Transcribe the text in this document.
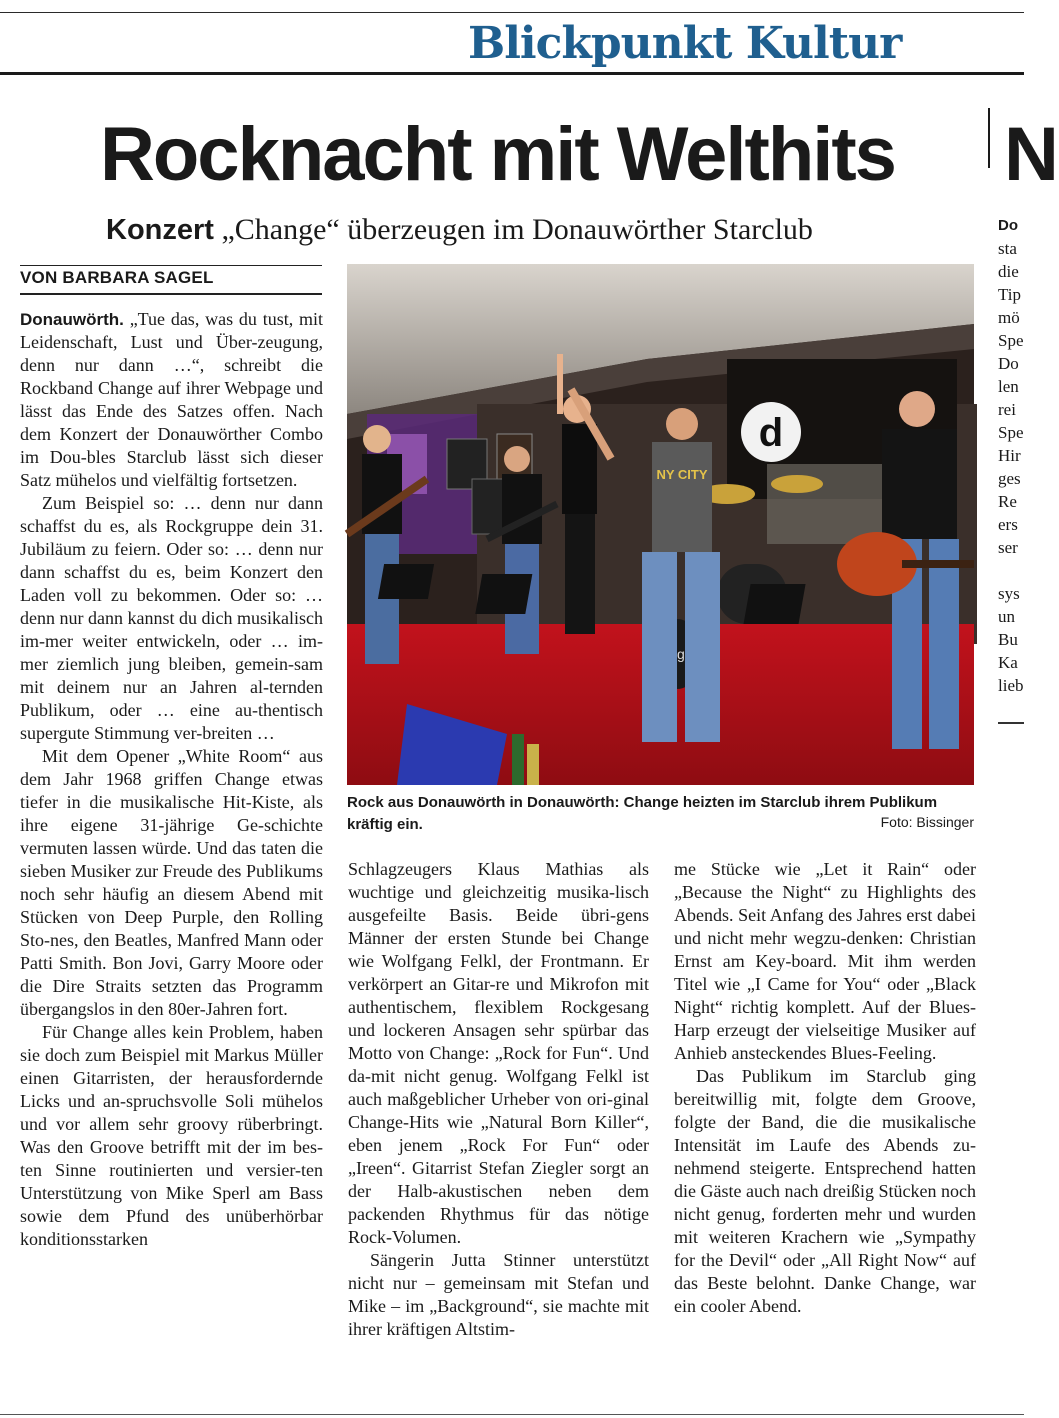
Blickpunkt Kultur
Rocknacht mit Welthits
Konzert „Change“ überzeugen im Donauwörther Starclub
VON BARBARA SAGEL

Donauwörth. „Tue das, was du tust, mit Leidenschaft, Lust und Über-zeugung, denn nur dann …“, schreibt die Rockband Change auf ihrer Webpage und lässt das Ende des Satzes offen. Nach dem Konzert der Donauwörther Combo im Dou-bles Starclub lässt sich dieser Satz mühelos und vielfältig fortsetzen.

Zum Beispiel so: … denn nur dann schaffst du es, als Rockgruppe dein 31. Jubiläum zu feiern. Oder so: … denn nur dann schaffst du es, beim Konzert den Laden voll zu bekommen. Oder so: … denn nur dann kannst du dich musikalisch im-mer weiter entwickeln, oder … im-mer ziemlich jung bleiben, gemein-sam mit deinem nur an Jahren al-ternden Publikum, oder … eine au-thentisch supergute Stimmung ver-breiten …

Mit dem Opener „White Room“ aus dem Jahr 1968 griffen Change etwas tiefer in die musikalische Hit-Kiste, als ihre eigene 31-jährige Ge-schichte vermuten lassen würde. Und das taten die sieben Musiker zur Freude des Publikums noch sehr häufig an diesem Abend mit Stücken von Deep Purple, den Rolling Sto-nes, den Beatles, Manfred Mann oder Patti Smith. Bon Jovi, Garry Moore oder die Dire Straits setzten das Programm übergangslos in den 80er-Jahren fort.

Für Change alles kein Problem, haben sie doch zum Beispiel mit Markus Müller einen Gitarristen, der herausfordernde Licks und an-spruchsvolle Soli mühelos und vor allem sehr groovy rüberbringt. Was den Groove betrifft mit der im bes-ten Sinne routinierten und versier-ten Unterstützung von Mike Sperl am Bass sowie dem Pfund des unüberhörbar konditionsstarken

d
NY CITY
Rock aus Donauwörth in Donauwörth: Change heizten im Starclub ihrem Publikum kräftig ein.	Foto: Bissinger

Schlagzeugers Klaus Mathias als wuchtige und gleichzeitig musika-lisch ausgefeilte Basis. Beide übri-gens Männer der ersten Stunde bei Change wie Wolfgang Felkl, der Frontmann. Er verkörpert an Gitar-re und Mikrofon mit authentischem, flexiblem Rockgesang und lockeren Ansagen sehr spürbar das Motto von Change: „Rock for Fun“. Und da-mit nicht genug. Wolfgang Felkl ist auch maßgeblicher Urheber von ori-ginal Change-Hits wie „Natural Born Killer“, eben jenem „Rock For Fun“ oder „Ireen“. Gitarrist Stefan Ziegler sorgt an der Halb-akustischen neben dem packenden Rhythmus für das nötige Rock-Volumen.

Sängerin Jutta Stinner unterstützt nicht nur – gemeinsam mit Stefan und Mike – im „Background“, sie machte mit ihrer kräftigen Altstim-

me Stücke wie „Let it Rain“ oder „Because the Night“ zu Highlights des Abends. Seit Anfang des Jahres erst dabei und nicht mehr wegzu-denken: Christian Ernst am Key-board. Mit ihm werden Titel wie „I Came for You“ oder „Black Night“ richtig komplett. Auf der Blues-Harp erzeugt der vielseitige Musiker auf Anhieb ansteckendes Blues-Feeling.

Das Publikum im Starclub ging bereitwillig mit, folgte dem Groove, folgte der Band, die die musikalische Intensität im Laufe des Abends zu-nehmend steigerte. Entsprechend hatten die Gäste auch nach dreißig Stücken noch nicht genug, forderten mehr und wurden mit weiteren Krachern wie „Sympathy for the Devil“ oder „All Right Now“ auf das Beste belohnt. Danke Change, war ein cooler Abend.

N
Do
sta
die
Tip
mö
Spe
Do
len
rei
Spe
Hir
ges
Re
ers
ser

sys
un
Bu
Ka
lieb
